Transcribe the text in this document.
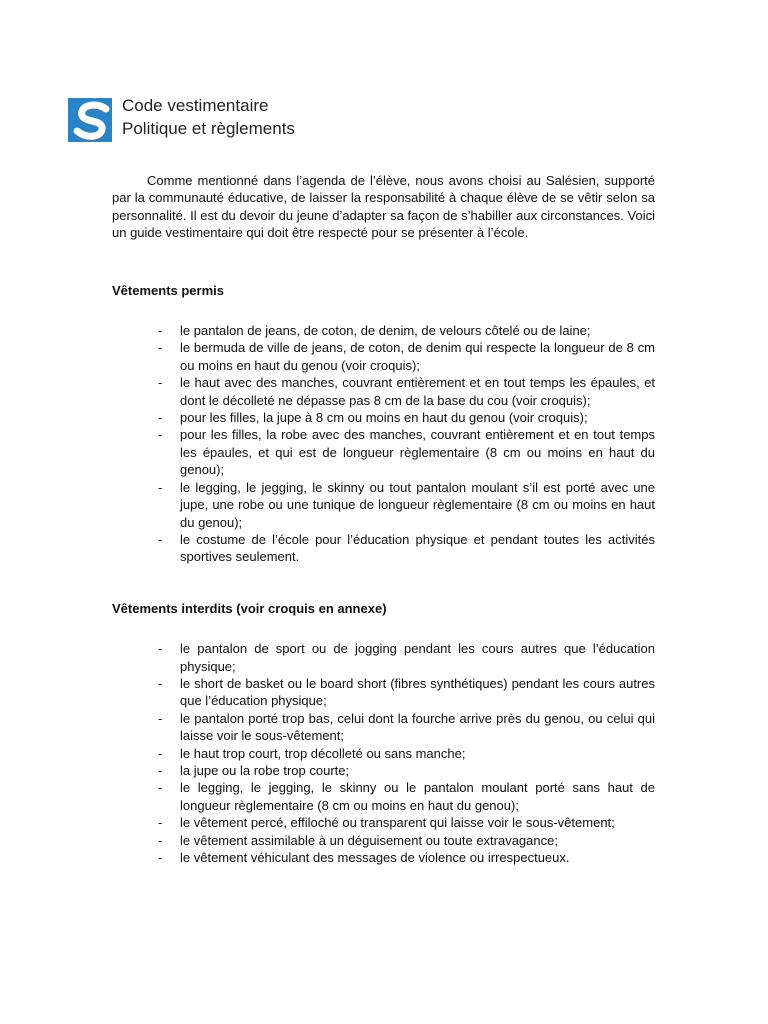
Code vestimentaire
Politique et règlements

Comme mentionné dans l’agenda de l’élève, nous avons choisi au Salésien, supporté par la communauté éducative, de laisser la responsabilité à chaque élève de se vêtir selon sa personnalité. Il est du devoir du jeune d’adapter sa façon de s’habiller aux circonstances. Voici un guide vestimentaire qui doit être respecté pour se présenter à l’école.

Vêtements permis

- le pantalon de jeans, de coton, de denim, de velours côtelé ou de laine;
- le bermuda de ville de jeans, de coton, de denim qui respecte la longueur de 8 cm ou moins en haut du genou (voir croquis);
- le haut avec des manches, couvrant entièrement et en tout temps les épaules, et dont le décolleté ne dépasse pas 8 cm de la base du cou (voir croquis);
- pour les filles, la jupe à 8 cm ou moins en haut du genou (voir croquis);
- pour les filles, la robe avec des manches, couvrant entièrement et en tout temps les épaules, et qui est de longueur règlementaire (8 cm ou moins en haut du genou);
- le legging, le jegging, le skinny ou tout pantalon moulant s’il est porté avec une jupe, une robe ou une tunique de longueur règlementaire (8 cm ou moins en haut du genou);
- le costume de l’école pour l’éducation physique et pendant toutes les activités sportives seulement.

Vêtements interdits (voir croquis en annexe)

- le pantalon de sport ou de jogging pendant les cours autres que l’éducation physique;
- le short de basket ou le board short (fibres synthétiques) pendant les cours autres que l’éducation physique;
- le pantalon porté trop bas, celui dont la fourche arrive près du genou, ou celui qui laisse voir le sous-vêtement;
- le haut trop court, trop décolleté ou sans manche;
- la jupe ou la robe trop courte;
- le legging, le jegging, le skinny ou le pantalon moulant porté sans haut de longueur règlementaire (8 cm ou moins en haut du genou);
- le vêtement percé, effiloché ou transparent qui laisse voir le sous-vêtement;
- le vêtement assimilable à un déguisement ou toute extravagance;
- le vêtement véhiculant des messages de violence ou irrespectueux.
